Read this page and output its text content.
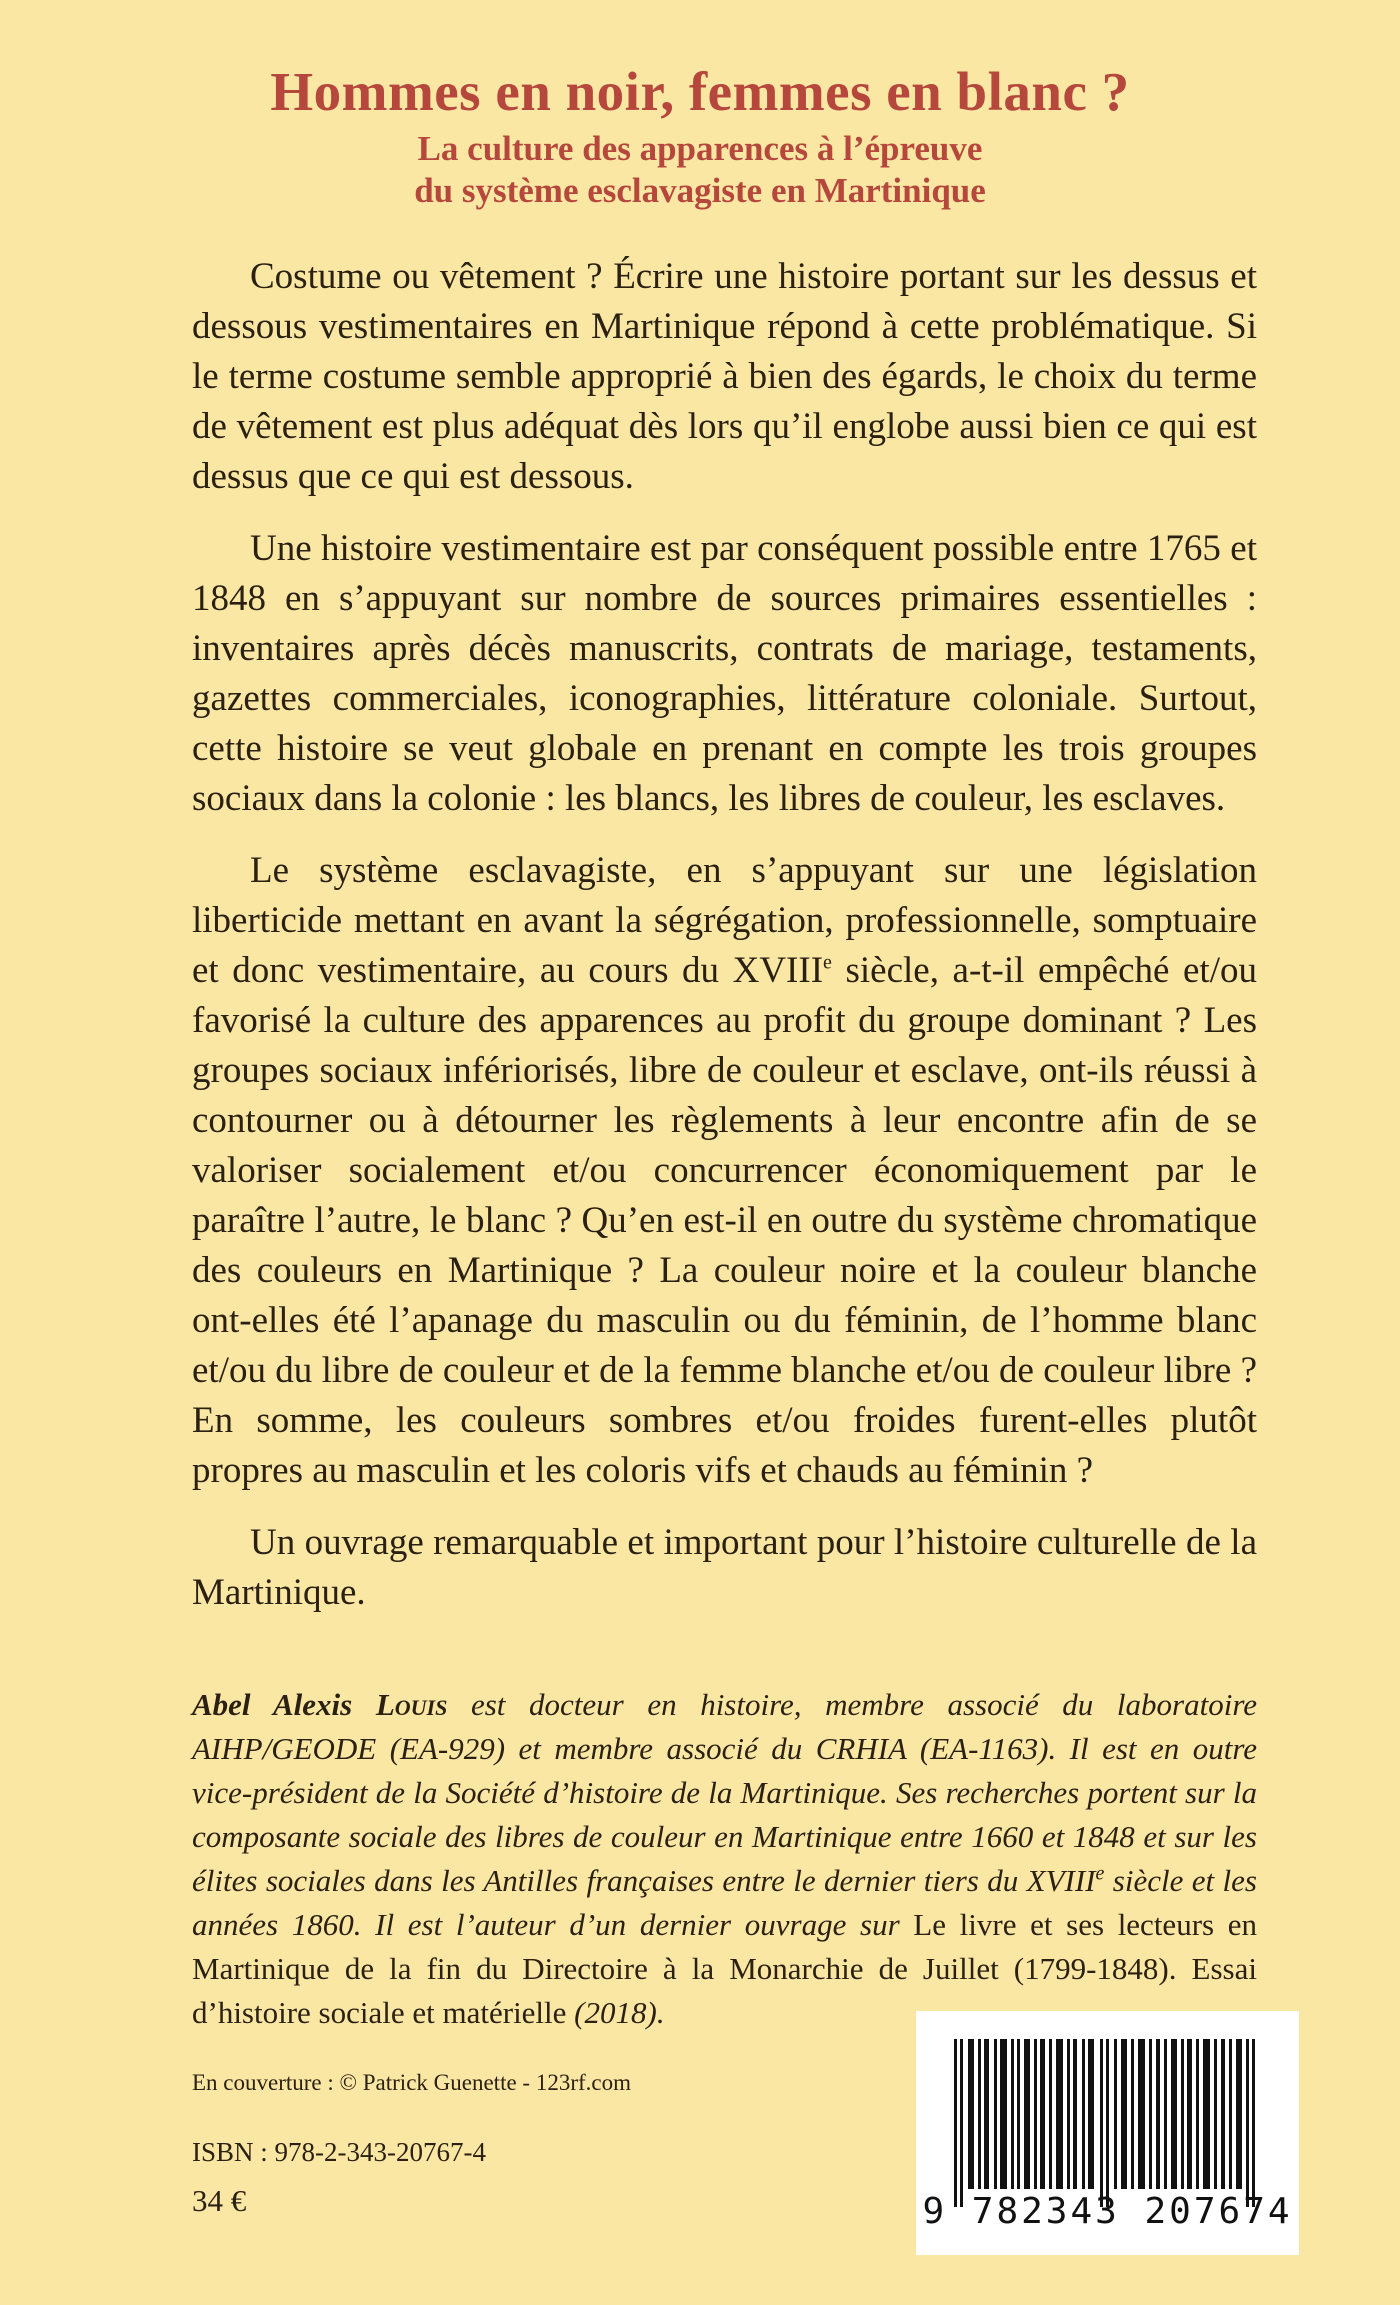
Hommes en noir, femmes en blanc ?
La culture des apparences à l’épreuve
du système esclavagiste en Martinique

Costume ou vêtement ? Écrire une histoire portant sur les dessus et dessous vestimentaires en Martinique répond à cette problématique. Si le terme costume semble approprié à bien des égards, le choix du terme de vêtement est plus adéquat dès lors qu’il englobe aussi bien ce qui est dessus que ce qui est dessous.

Une histoire vestimentaire est par conséquent possible entre 1765 et 1848 en s’appuyant sur nombre de sources primaires essentielles : inventaires après décès manuscrits, contrats de mariage, testaments, gazettes commerciales, iconographies, littérature coloniale. Surtout, cette histoire se veut globale en prenant en compte les trois groupes sociaux dans la colonie : les blancs, les libres de couleur, les esclaves.

Le système esclavagiste, en s’appuyant sur une législation liberticide mettant en avant la ségrégation, professionnelle, somptuaire et donc vestimentaire, au cours du XVIIIe siècle, a-t-il empêché et/ou favorisé la culture des apparences au profit du groupe dominant ? Les groupes sociaux infériorisés, libre de couleur et esclave, ont-ils réussi à contourner ou à détourner les règlements à leur encontre afin de se valoriser socialement et/ou concurrencer économiquement par le paraître l’autre, le blanc ? Qu’en est-il en outre du système chromatique des couleurs en Martinique ? La couleur noire et la couleur blanche ont-elles été l’apanage du masculin ou du féminin, de l’homme blanc et/ou du libre de couleur et de la femme blanche et/ou de couleur libre ? En somme, les couleurs sombres et/ou froides furent-elles plutôt propres au masculin et les coloris vifs et chauds au féminin ?

Un ouvrage remarquable et important pour l’histoire culturelle de la Martinique.

Abel Alexis Louis est docteur en histoire, membre associé du laboratoire AIHP/GEODE (EA-929) et membre associé du CRHIA (EA-1163). Il est en outre vice-président de la Société d’histoire de la Martinique. Ses recherches portent sur la composante sociale des libres de couleur en Martinique entre 1660 et 1848 et sur les élites sociales dans les Antilles françaises entre le dernier tiers du XVIIIe siècle et les années 1860. Il est l’auteur d’un dernier ouvrage sur Le livre et ses lecteurs en Martinique de la fin du Directoire à la Monarchie de Juillet (1799-1848). Essai d’histoire sociale et matérielle (2018).
En couverture : © Patrick Guenette - 123rf.com
ISBN : 978-2-343-20767-4
34 €	9 782343 207674
